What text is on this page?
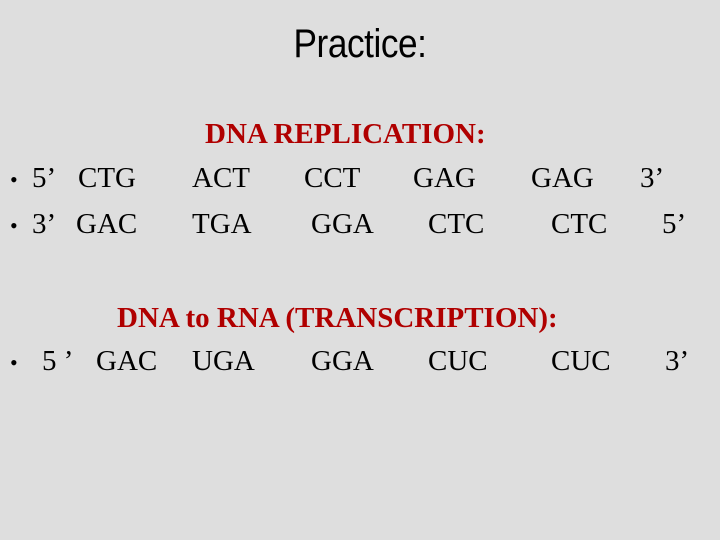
Practice:
DNA REPLICATION:
• 5’ CTG ACT CCT GAG GAG 3’
• 3’ GAC TGA GGA CTC CTC 5’
DNA to RNA (TRANSCRIPTION):
• 5 ’ GAC UGA GGA CUC CUC 3’
